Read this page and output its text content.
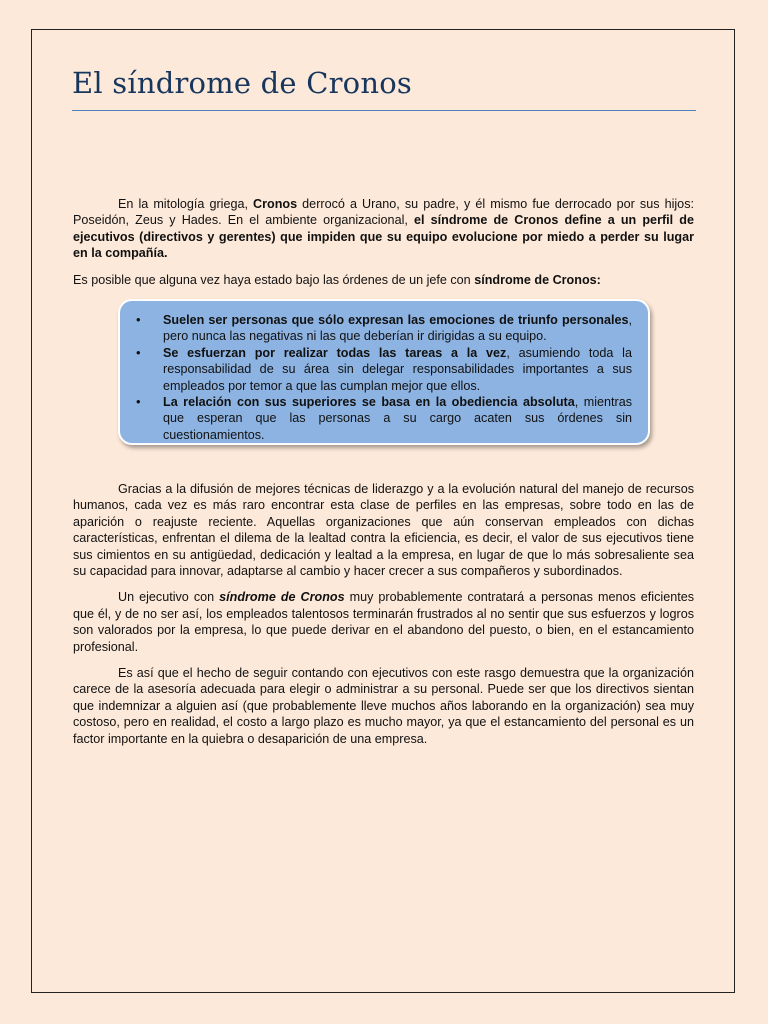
El síndrome de Cronos

En la mitología griega, Cronos derrocó a Urano, su padre, y él mismo fue derrocado por sus hijos: Poseidón, Zeus y Hades. En el ambiente organizacional, el síndrome de Cronos define a un perfil de ejecutivos (directivos y gerentes) que impiden que su equipo evolucione por miedo a perder su lugar en la compañía.

Es posible que alguna vez haya estado bajo las órdenes de un jefe con síndrome de Cronos:

• Suelen ser personas que sólo expresan las emociones de triunfo personales, pero nunca las negativas ni las que deberían ir dirigidas a su equipo.
• Se esfuerzan por realizar todas las tareas a la vez, asumiendo toda la responsabilidad de su área sin delegar responsabilidades importantes a sus empleados por temor a que las cumplan mejor que ellos.
• La relación con sus superiores se basa en la obediencia absoluta, mientras que esperan que las personas a su cargo acaten sus órdenes sin cuestionamientos.

Gracias a la difusión de mejores técnicas de liderazgo y a la evolución natural del manejo de recursos humanos, cada vez es más raro encontrar esta clase de perfiles en las empresas, sobre todo en las de aparición o reajuste reciente. Aquellas organizaciones que aún conservan empleados con dichas características, enfrentan el dilema de la lealtad contra la eficiencia, es decir, el valor de sus ejecutivos tiene sus cimientos en su antigüedad, dedicación y lealtad a la empresa, en lugar de que lo más sobresaliente sea su capacidad para innovar, adaptarse al cambio y hacer crecer a sus compañeros y subordinados.

Un ejecutivo con síndrome de Cronos muy probablemente contratará a personas menos eficientes que él, y de no ser así, los empleados talentosos terminarán frustrados al no sentir que sus esfuerzos y logros son valorados por la empresa, lo que puede derivar en el abandono del puesto, o bien, en el estancamiento profesional.

Es así que el hecho de seguir contando con ejecutivos con este rasgo demuestra que la organización carece de la asesoría adecuada para elegir o administrar a su personal. Puede ser que los directivos sientan que indemnizar a alguien así (que probablemente lleve muchos años laborando en la organización) sea muy costoso, pero en realidad, el costo a largo plazo es mucho mayor, ya que el estancamiento del personal es un factor importante en la quiebra o desaparición de una empresa.
